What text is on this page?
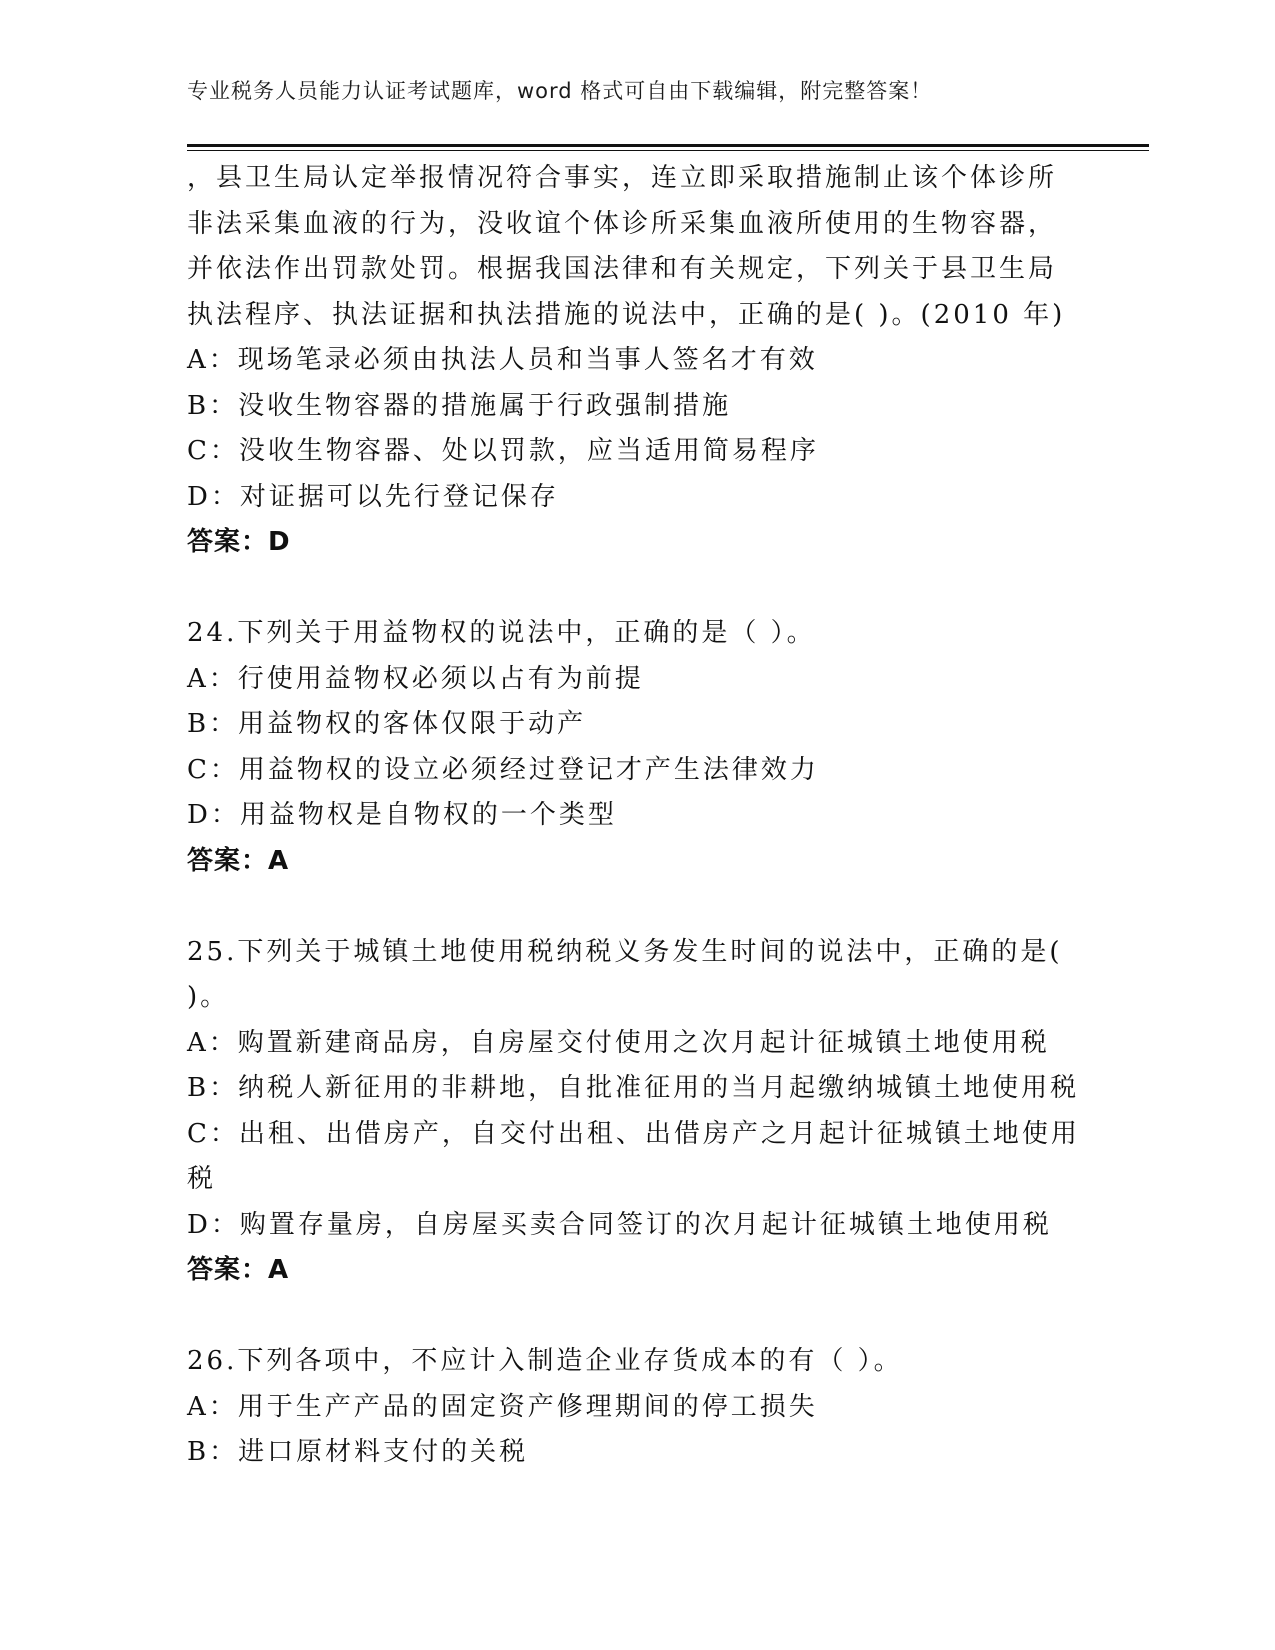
专业税务人员能力认证考试题库，word 格式可自由下载编辑，附完整答案！
，县卫生局认定举报情况符合事实，连立即采取措施制止该个体诊所
非法采集血液的行为，没收谊个体诊所采集血液所使用的生物容器，
并依法作出罚款处罚。根据我国法律和有关规定，下列关于县卫生局
执法程序、执法证据和执法措施的说法中，正确的是( )。(2010 年)
A：现场笔录必须由执法人员和当事人签名才有效
B：没收生物容器的措施属于行政强制措施
C：没收生物容器、处以罚款，应当适用简易程序
D：对证据可以先行登记保存
答案：D
24.下列关于用益物权的说法中，正确的是（ ）。
A：行使用益物权必须以占有为前提
B：用益物权的客体仅限于动产
C：用益物权的设立必须经过登记才产生法律效力
D：用益物权是自物权的一个类型
答案：A
25.下列关于城镇土地使用税纳税义务发生时间的说法中，正确的是(
)。
A：购置新建商品房，自房屋交付使用之次月起计征城镇土地使用税
B：纳税人新征用的非耕地，自批准征用的当月起缴纳城镇土地使用税
C：出租、出借房产，自交付出租、出借房产之月起计征城镇土地使用
税
D：购置存量房，自房屋买卖合同签订的次月起计征城镇土地使用税
答案：A
26.下列各项中，不应计入制造企业存货成本的有（ ）。
A：用于生产产品的固定资产修理期间的停工损失
B：进口原材料支付的关税
